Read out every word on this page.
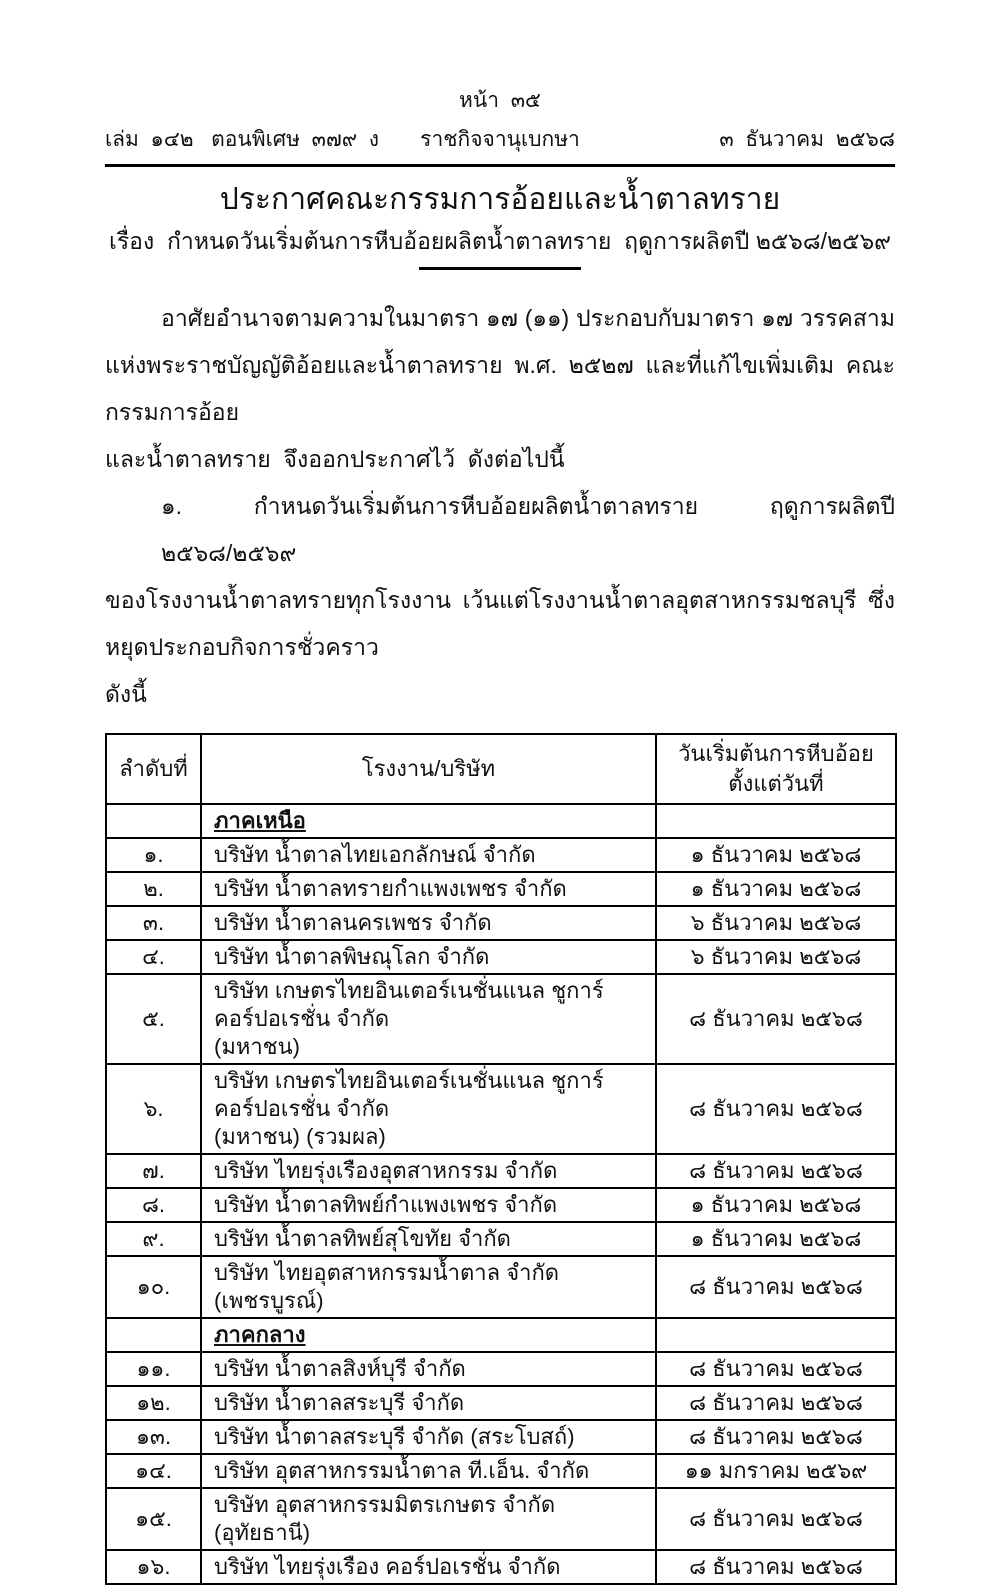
หน้า  ๓๕
เล่ม  ๑๔๒   ตอนพิเศษ  ๓๗๙  ง	ราชกิจจานุเบกษา	๓  ธันวาคม  ๒๕๖๘
ประกาศคณะกรรมการอ้อยและน้ำตาลทราย
เรื่อง  กำหนดวันเริ่มต้นการหีบอ้อยผลิตน้ำตาลทราย  ฤดูการผลิตปี ๒๕๖๘/๒๕๖๙
อาศัยอำนาจตามความในมาตรา ๑๗ (๑๑) ประกอบกับมาตรา ๑๗ วรรคสาม
แห่งพระราชบัญญัติอ้อยและน้ำตาลทราย พ.ศ. ๒๕๒๗ และที่แก้ไขเพิ่มเติม คณะกรรมการอ้อย
และน้ำตาลทราย  จึงออกประกาศไว้  ดังต่อไปนี้
๑. กำหนดวันเริ่มต้นการหีบอ้อยผลิตน้ำตาลทราย ฤดูการผลิตปี ๒๕๖๘/๒๕๖๙
ของโรงงานน้ำตาลทรายทุกโรงงาน เว้นแต่โรงงานน้ำตาลอุตสาหกรรมชลบุรี ซึ่งหยุดประกอบกิจการชั่วคราว
ดังนี้
ลำดับที่	โรงงาน/บริษัท	วันเริ่มต้นการหีบอ้อย
ตั้งแต่วันที่

	ภาคเหนือ	
๑.	บริษัท น้ำตาลไทยเอกลักษณ์ จำกัด	๑ ธันวาคม ๒๕๖๘
๒.	บริษัท น้ำตาลทรายกำแพงเพชร จำกัด	๑ ธันวาคม ๒๕๖๘
๓.	บริษัท น้ำตาลนครเพชร จำกัด	๖ ธันวาคม ๒๕๖๘
๔.	บริษัท น้ำตาลพิษณุโลก จำกัด	๖ ธันวาคม ๒๕๖๘
๕.	บริษัท เกษตรไทยอินเตอร์เนชั่นแนล ชูการ์ คอร์ปอเรชั่น จำกัด
(มหาชน)	๘ ธันวาคม ๒๕๖๘
๖.	บริษัท เกษตรไทยอินเตอร์เนชั่นแนล ชูการ์ คอร์ปอเรชั่น จำกัด
(มหาชน) (รวมผล)	๘ ธันวาคม ๒๕๖๘
๗.	บริษัท ไทยรุ่งเรืองอุตสาหกรรม จำกัด	๘ ธันวาคม ๒๕๖๘
๘.	บริษัท น้ำตาลทิพย์กำแพงเพชร จำกัด	๑ ธันวาคม ๒๕๖๘
๙.	บริษัท น้ำตาลทิพย์สุโขทัย จำกัด	๑ ธันวาคม ๒๕๖๘
๑๐.	บริษัท ไทยอุตสาหกรรมน้ำตาล จำกัด (เพชรบูรณ์)	๘ ธันวาคม ๒๕๖๘
	ภาคกลาง	
๑๑.	บริษัท น้ำตาลสิงห์บุรี จำกัด	๘ ธันวาคม ๒๕๖๘
๑๒.	บริษัท น้ำตาลสระบุรี จำกัด	๘ ธันวาคม ๒๕๖๘
๑๓.	บริษัท น้ำตาลสระบุรี จำกัด (สระโบสถ์)	๘ ธันวาคม ๒๕๖๘
๑๔.	บริษัท อุตสาหกรรมน้ำตาล ที.เอ็น. จำกัด	๑๑ มกราคม ๒๕๖๙
๑๕.	บริษัท อุตสาหกรรมมิตรเกษตร จำกัด (อุทัยธานี)	๘ ธันวาคม ๒๕๖๘
๑๖.	บริษัท ไทยรุ่งเรือง คอร์ปอเรชั่น จำกัด	๘ ธันวาคม ๒๕๖๘
